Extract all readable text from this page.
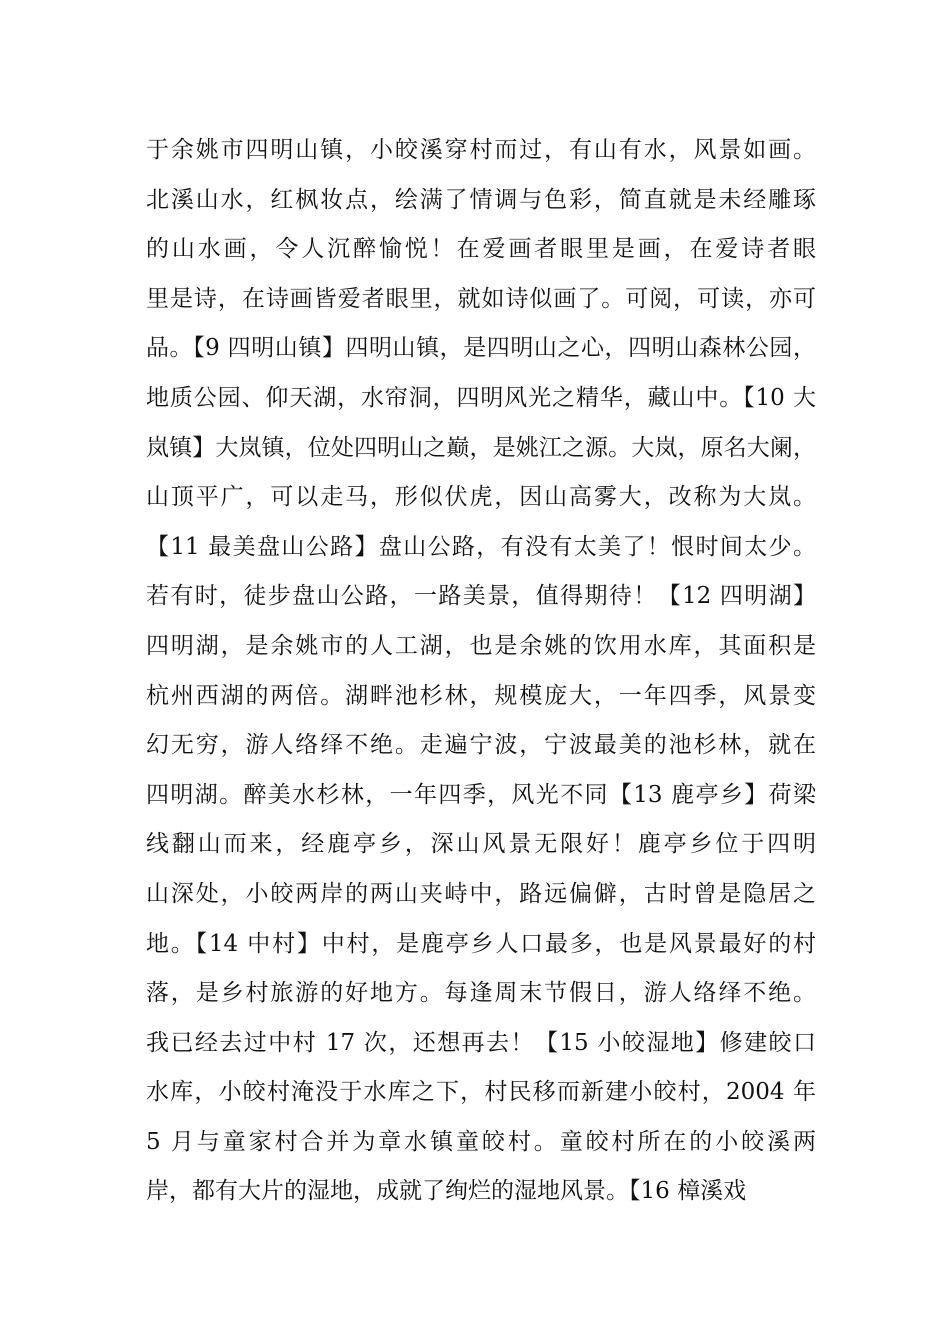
于余姚市四明山镇，小皎溪穿村而过，有山有水，风景如画。
北溪山水，红枫妆点，绘满了情调与色彩，简直就是未经雕琢
的山水画，令人沉醉愉悦！在爱画者眼里是画，在爱诗者眼
里是诗，在诗画皆爱者眼里，就如诗似画了。可阅，可读，亦可
品。【9 四明山镇】四明山镇，是四明山之心，四明山森林公园，
地质公园、仰天湖，水帘洞，四明风光之精华，藏山中。【10 大
岚镇】大岚镇，位处四明山之巅，是姚江之源。大岚，原名大阑，
山顶平广，可以走马，形似伏虎，因山高雾大，改称为大岚。
【11 最美盘山公路】盘山公路，有没有太美了！恨时间太少。
若有时，徒步盘山公路，一路美景，值得期待！【12 四明湖】
四明湖，是余姚市的人工湖，也是余姚的饮用水库，其面积是
杭州西湖的两倍。湖畔池杉林，规模庞大，一年四季，风景变
幻无穷，游人络绎不绝。走遍宁波，宁波最美的池杉林，就在
四明湖。醉美水杉林，一年四季，风光不同【13 鹿亭乡】荷梁
线翻山而来，经鹿亭乡，深山风景无限好！鹿亭乡位于四明
山深处，小皎两岸的两山夹峙中，路远偏僻，古时曾是隐居之
地。【14 中村】中村，是鹿亭乡人口最多，也是风景最好的村
落，是乡村旅游的好地方。每逢周末节假日，游人络绎不绝。
我已经去过中村 17 次，还想再去！【15 小皎湿地】修建皎口
水库，小皎村淹没于水库之下，村民移而新建小皎村，2004 年
5 月与童家村合并为章水镇童皎村。童皎村所在的小皎溪两
岸，都有大片的湿地，成就了绚烂的湿地风景。【16 樟溪戏
